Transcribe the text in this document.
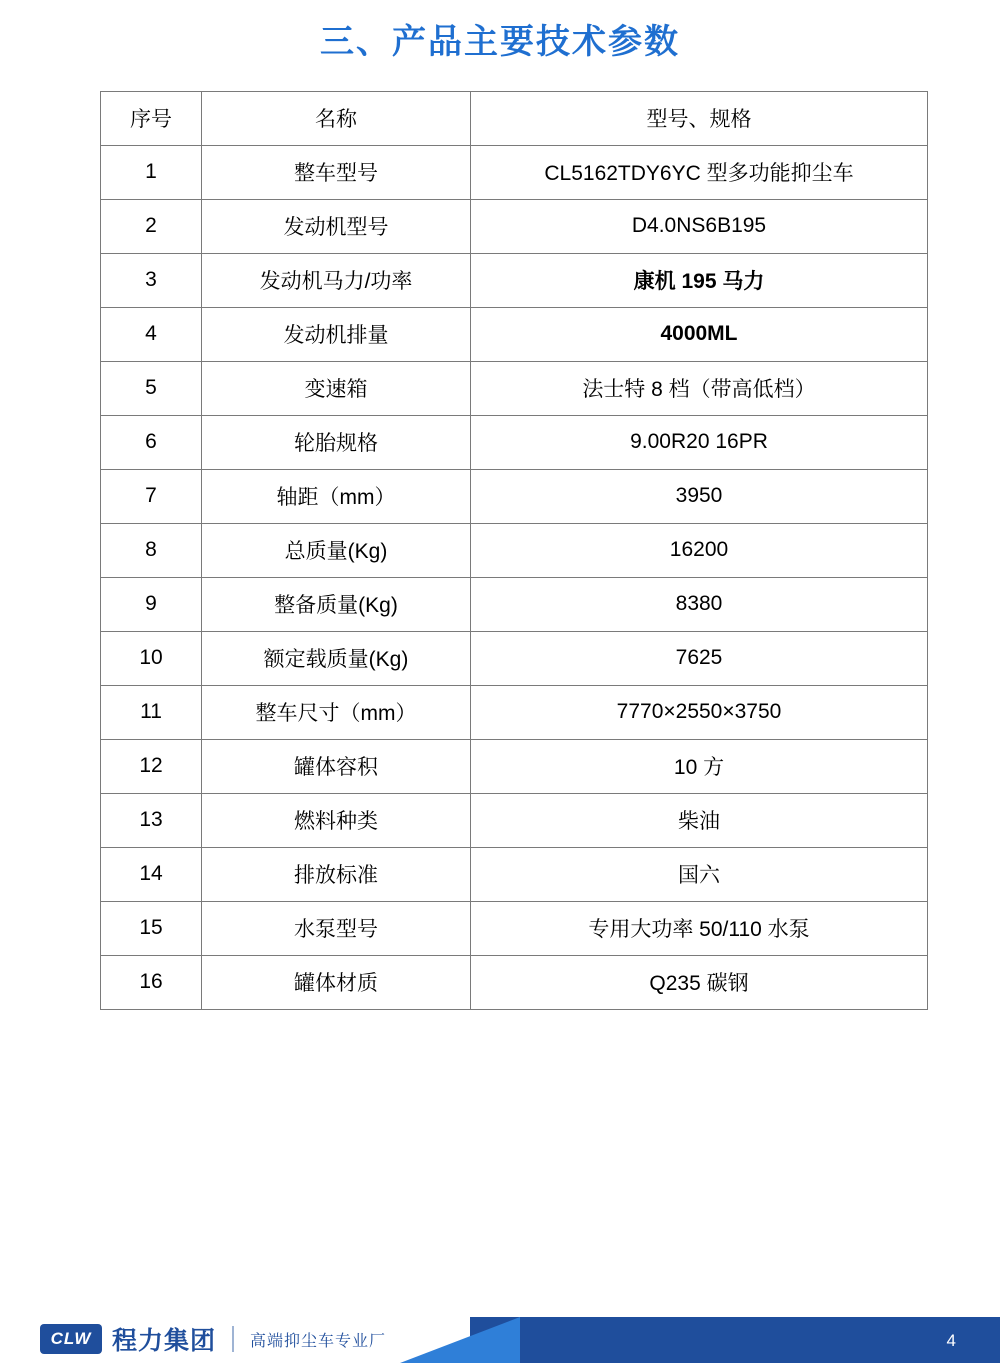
三、产品主要技术参数
序号	名称	型号、规格
1	整车型号	CL5162TDY6YC 型多功能抑尘车
2	发动机型号	D4.0NS6B195
3	发动机马力/功率	康机 195 马力
4	发动机排量	4000ML
5	变速箱	法士特 8 档（带高低档）
6	轮胎规格	9.00R20 16PR
7	轴距（mm）	3950
8	总质量(Kg)	16200
9	整备质量(Kg)	8380
10	额定载质量(Kg)	7625
11	整车尺寸（mm）	7770×2550×3750
12	罐体容积	10 方
13	燃料种类	柴油
14	排放标准	国六
15	水泵型号	专用大功率 50/110 水泵
16	罐体材质	Q235 碳钢
CLW 程力集团 高端抑尘车专业厂	4
